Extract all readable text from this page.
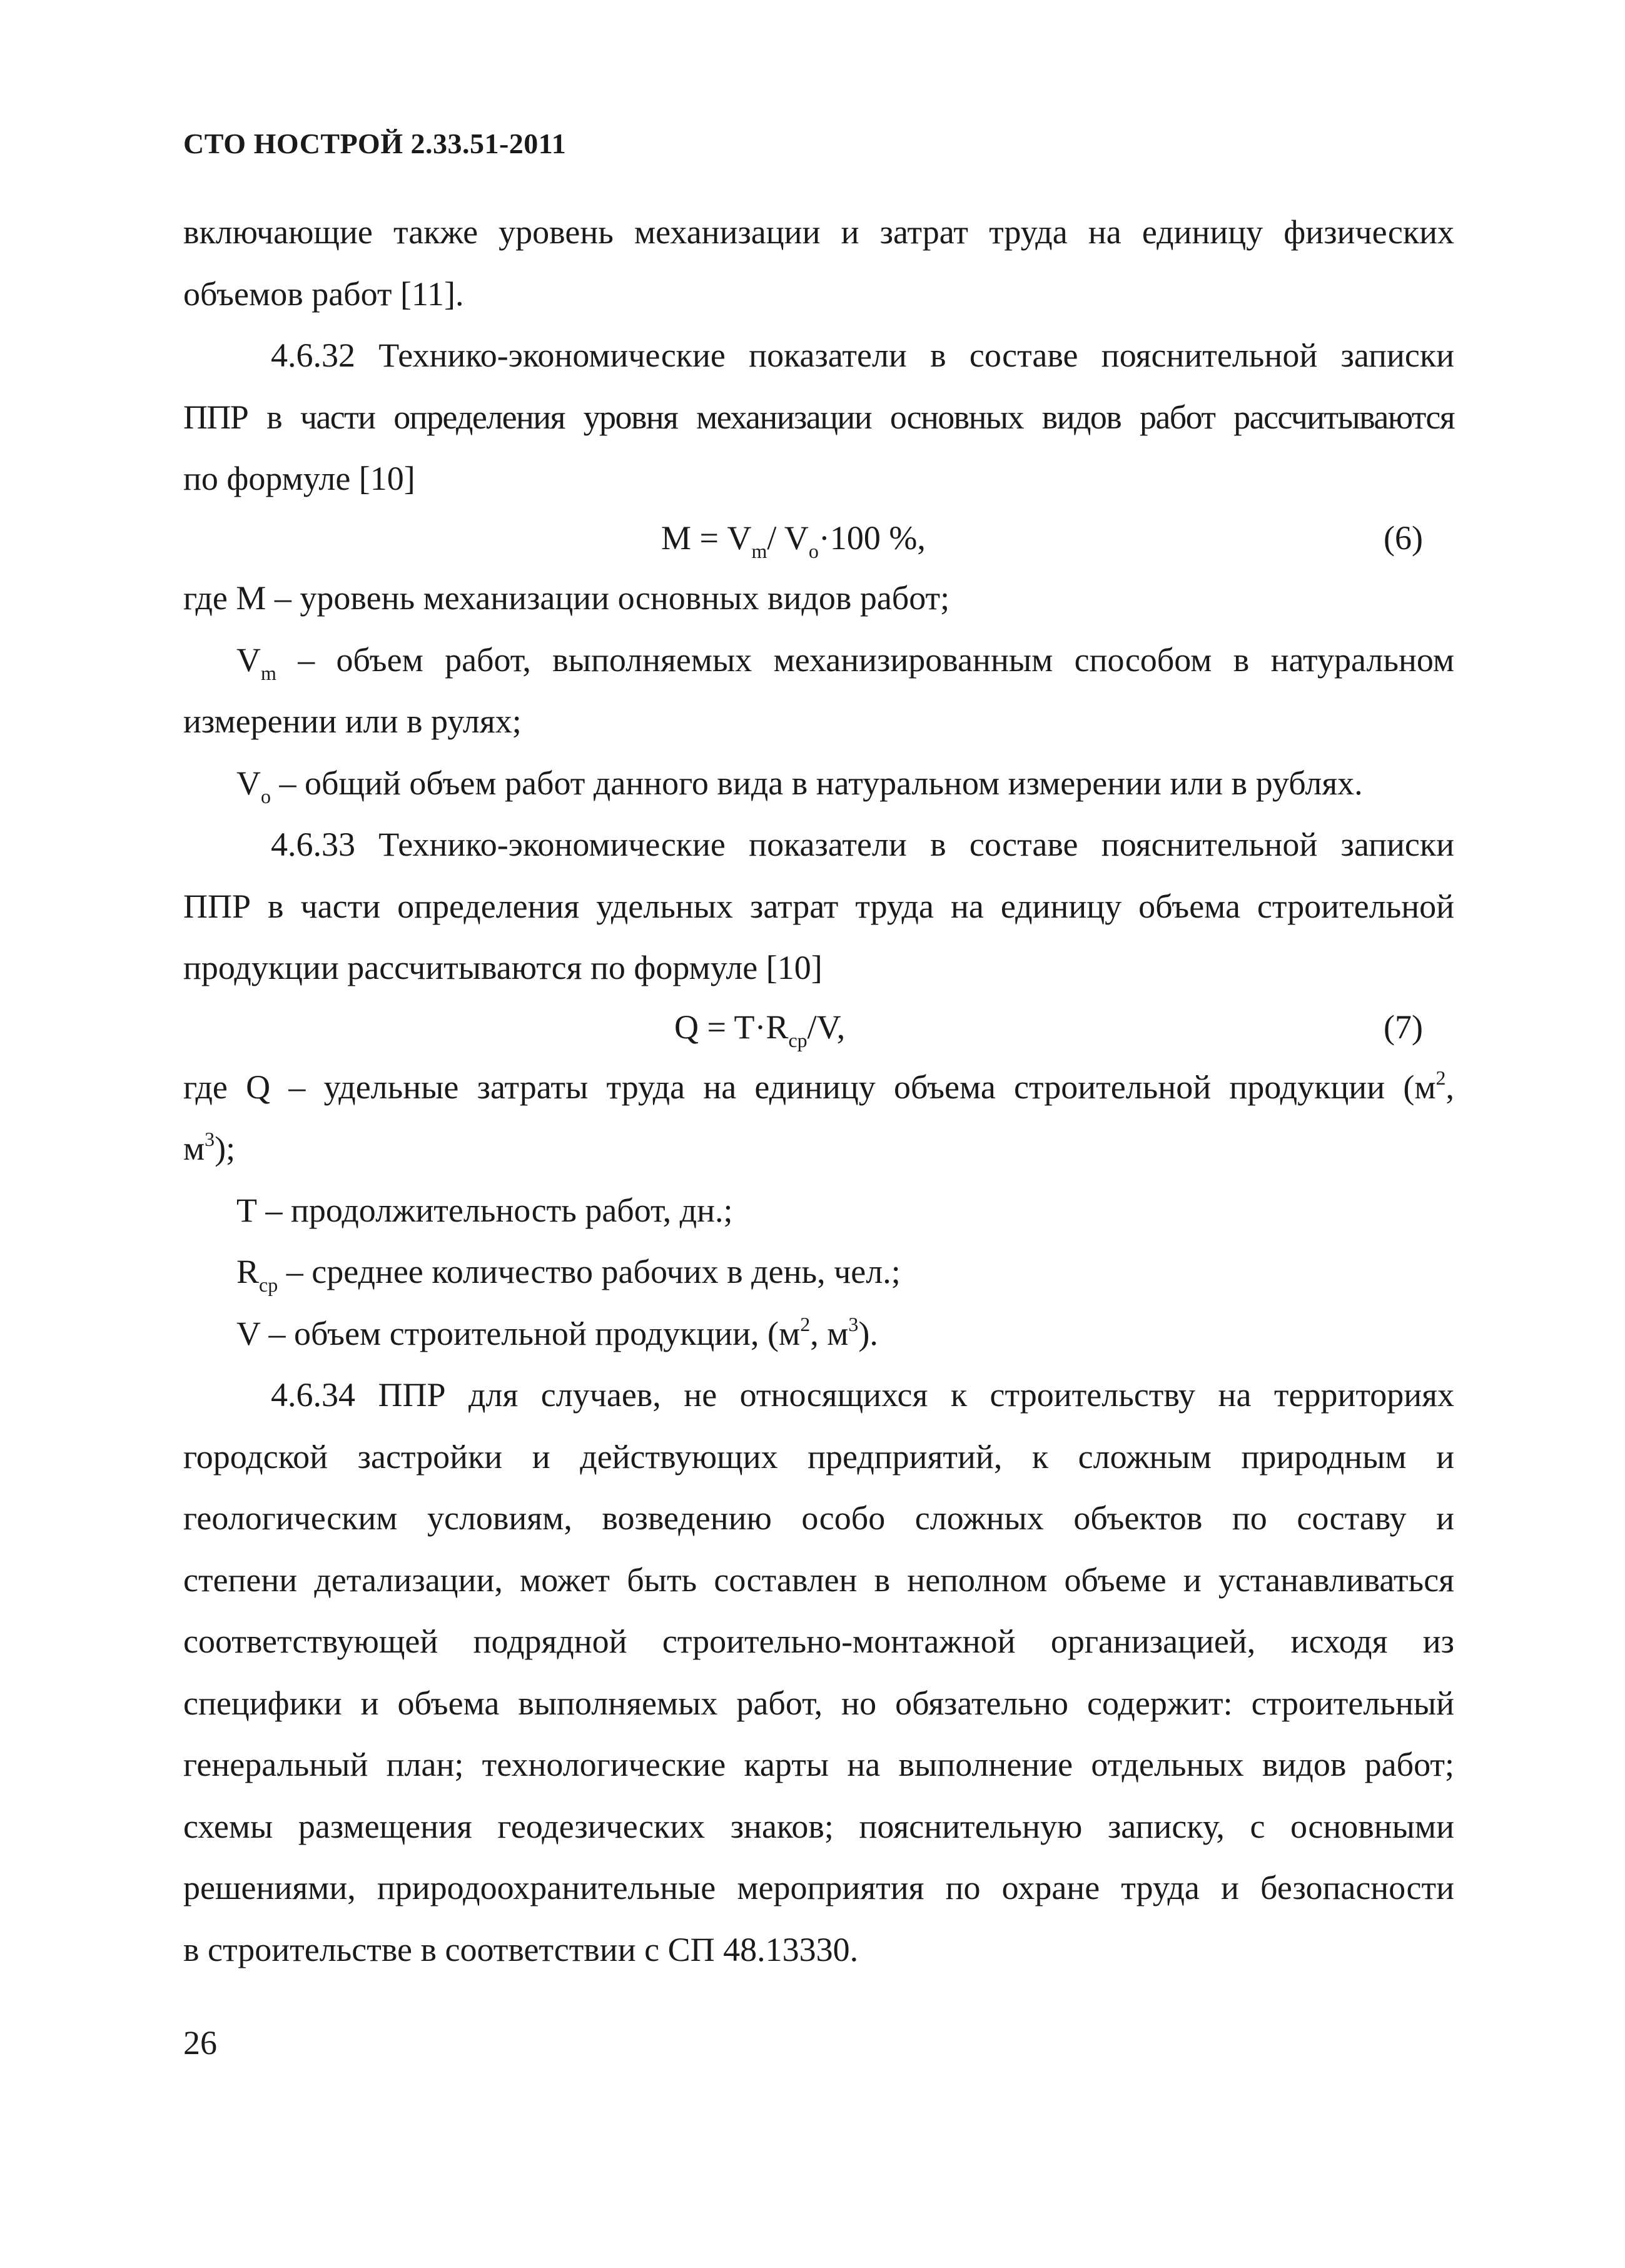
СТО НОСТРОЙ 2.33.51-2011
включающие также уровень механизации и затрат труда на единицу физических
объемов работ [11].
4.6.32 Технико-экономические показатели в составе пояснительной записки
ППР в части определения уровня механизации основных видов работ рассчитываются
по формуле [10]
$М = V_m/$ $V_o\cdot 100$ %,	(6)
где М – уровень механизации основных видов работ;
$V_m$ – объем работ, выполняемых механизированным способом в натуральном
измерении или в рулях;
$V_o$ – общий объем работ данного вида в натуральном измерении или в рублях.
4.6.33 Технико-экономические показатели в составе пояснительной записки
ППР в части определения удельных затрат труда на единицу объема строительной
продукции рассчитываются по формуле [10]
$Q = T\cdot R_{ср}/V$,	(7)
где Q – удельные затраты труда на единицу объема строительной продукции ($м^2$,
$м^3$);
Т – продолжительность работ, дн.;
$R_{ср}$ – среднее количество рабочих в день, чел.;
V – объем строительной продукции, ($м^2$, $м^3$).
4.6.34 ППР для случаев, не относящихся к строительству на территориях
городской застройки и действующих предприятий, к сложным природным и
геологическим условиям, возведению особо сложных объектов по составу и
степени детализации, может быть составлен в неполном объеме и устанавливаться
соответствующей подрядной строительно-монтажной организацией, исходя из
специфики и объема выполняемых работ, но обязательно содержит: строительный
генеральный план; технологические карты на выполнение отдельных видов работ;
схемы размещения геодезических знаков; пояснительную записку, с основными
решениями, природоохранительные мероприятия по охране труда и безопасности
в строительстве в соответствии с СП 48.13330.
26
